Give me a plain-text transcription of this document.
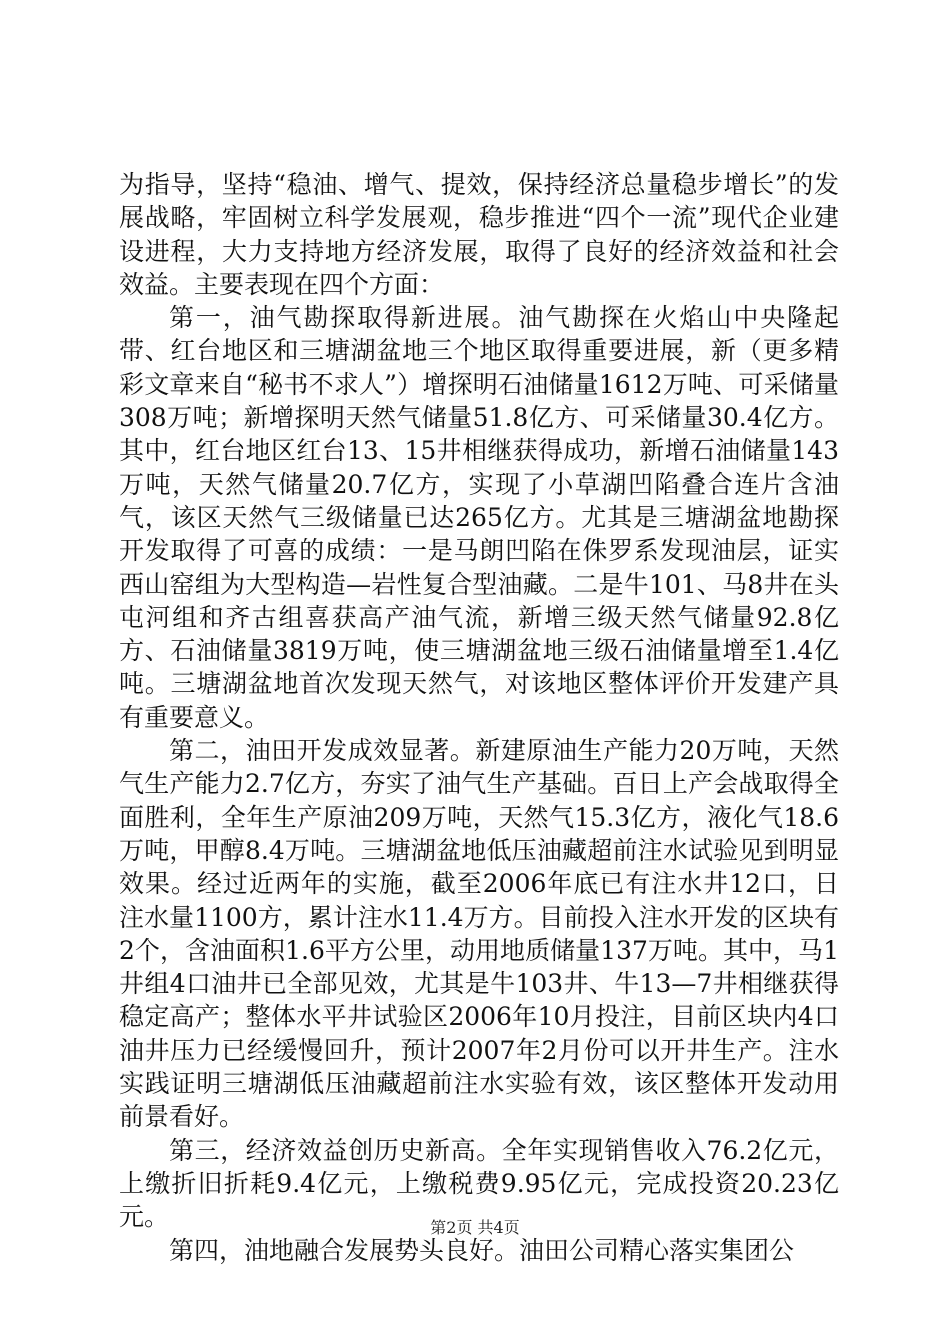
为指导，坚持“稳油、增气、提效，保持经济总量稳步增长”的发展战略，牢固树立科学发展观，稳步推进“四个一流”现代企业建设进程，大力支持地方经济发展，取得了良好的经济效益和社会效益。主要表现在四个方面：

第一，油气勘探取得新进展。油气勘探在火焰山中央隆起带、红台地区和三塘湖盆地三个地区取得重要进展，新（更多精彩文章来自“秘书不求人”）增探明石油储量1612万吨、可采储量308万吨；新增探明天然气储量51.8亿方、可采储量30.4亿方。其中，红台地区红台13、15井相继获得成功，新增石油储量143万吨，天然气储量20.7亿方，实现了小草湖凹陷叠合连片含油气，该区天然气三级储量已达265亿方。尤其是三塘湖盆地勘探开发取得了可喜的成绩：一是马朗凹陷在侏罗系发现油层，证实西山窑组为大型构造—岩性复合型油藏。二是牛101、马8井在头屯河组和齐古组喜获高产油气流，新增三级天然气储量92.8亿方、石油储量3819万吨，使三塘湖盆地三级石油储量增至1.4亿吨。三塘湖盆地首次发现天然气，对该地区整体评价开发建产具有重要意义。

第二，油田开发成效显著。新建原油生产能力20万吨，天然气生产能力2.7亿方，夯实了油气生产基础。百日上产会战取得全面胜利，全年生产原油209万吨，天然气15.3亿方，液化气18.6万吨，甲醇8.4万吨。三塘湖盆地低压油藏超前注水试验见到明显效果。经过近两年的实施，截至2006年底已有注水井12口，日注水量1100方，累计注水11.4万方。目前投入注水开发的区块有2个，含油面积1.6平方公里，动用地质储量137万吨。其中，马1井组4口油井已全部见效，尤其是牛103井、牛13—7井相继获得稳定高产；整体水平井试验区2006年10月投注，目前区块内4口油井压力已经缓慢回升，预计2007年2月份可以开井生产。注水实践证明三塘湖低压油藏超前注水实验有效，该区整体开发动用前景看好。

第三，经济效益创历史新高。全年实现销售收入76.2亿元，上缴折旧折耗9.4亿元，上缴税费9.95亿元，完成投资20.23亿元。

第四，油地融合发展势头良好。油田公司精心落实集团公

第2页 共4页
